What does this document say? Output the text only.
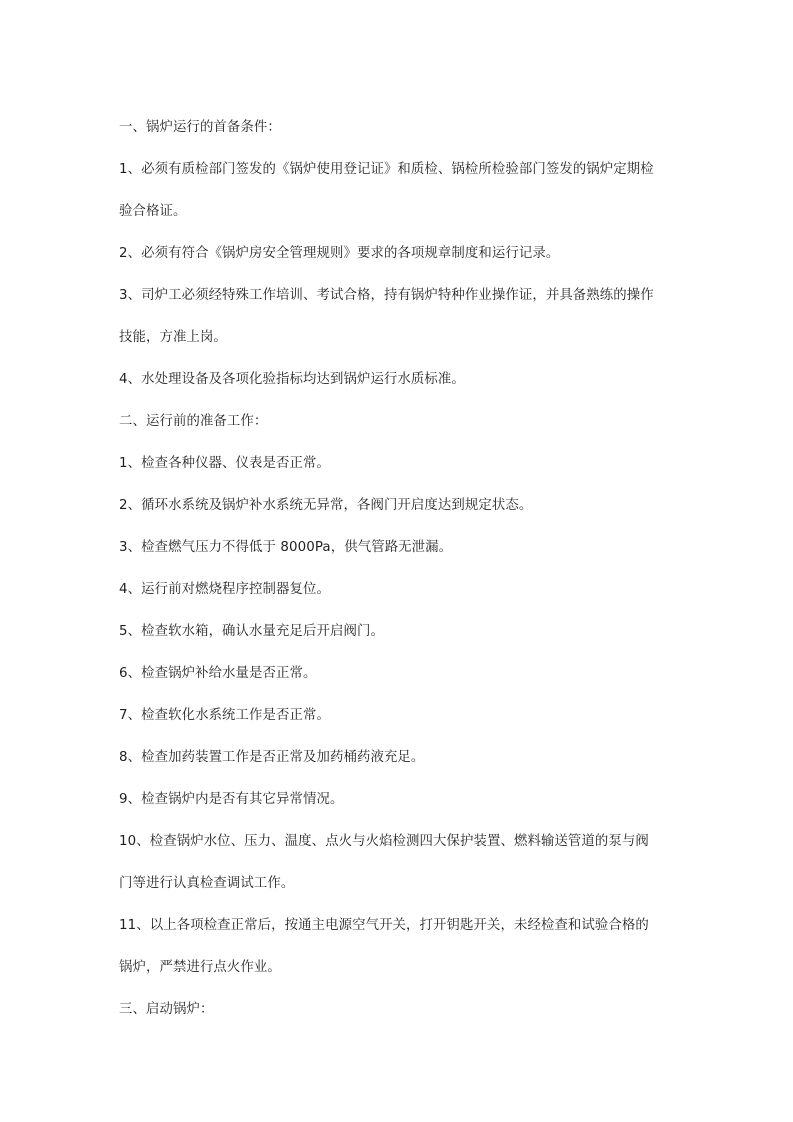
一、锅炉运行的首备条件：
1、必须有质检部门签发的《锅炉使用登记证》和质检、锅检所检验部门签发的锅炉定期检
验合格证。
2、必须有符合《锅炉房安全管理规则》要求的各项规章制度和运行记录。
3、司炉工必须经特殊工作培训、考试合格，持有锅炉特种作业操作证，并具备熟练的操作
技能，方准上岗。
4、水处理设备及各项化验指标均达到锅炉运行水质标准。
二、运行前的准备工作：
1、检查各种仪器、仪表是否正常。
2、循环水系统及锅炉补水系统无异常，各阀门开启度达到规定状态。
3、检查燃气压力不得低于 8000Pa，供气管路无泄漏。
4、运行前对燃烧程序控制器复位。
5、检查软水箱，确认水量充足后开启阀门。
6、检查锅炉补给水量是否正常。
7、检查软化水系统工作是否正常。
8、检查加药装置工作是否正常及加药桶药液充足。
9、检查锅炉内是否有其它异常情况。
10、检查锅炉水位、压力、温度、点火与火焰检测四大保护装置、燃料输送管道的泵与阀
门等进行认真检查调试工作。
11、以上各项检查正常后，按通主电源空气开关，打开钥匙开关，未经检查和试验合格的
锅炉，严禁进行点火作业。
三、启动锅炉：
